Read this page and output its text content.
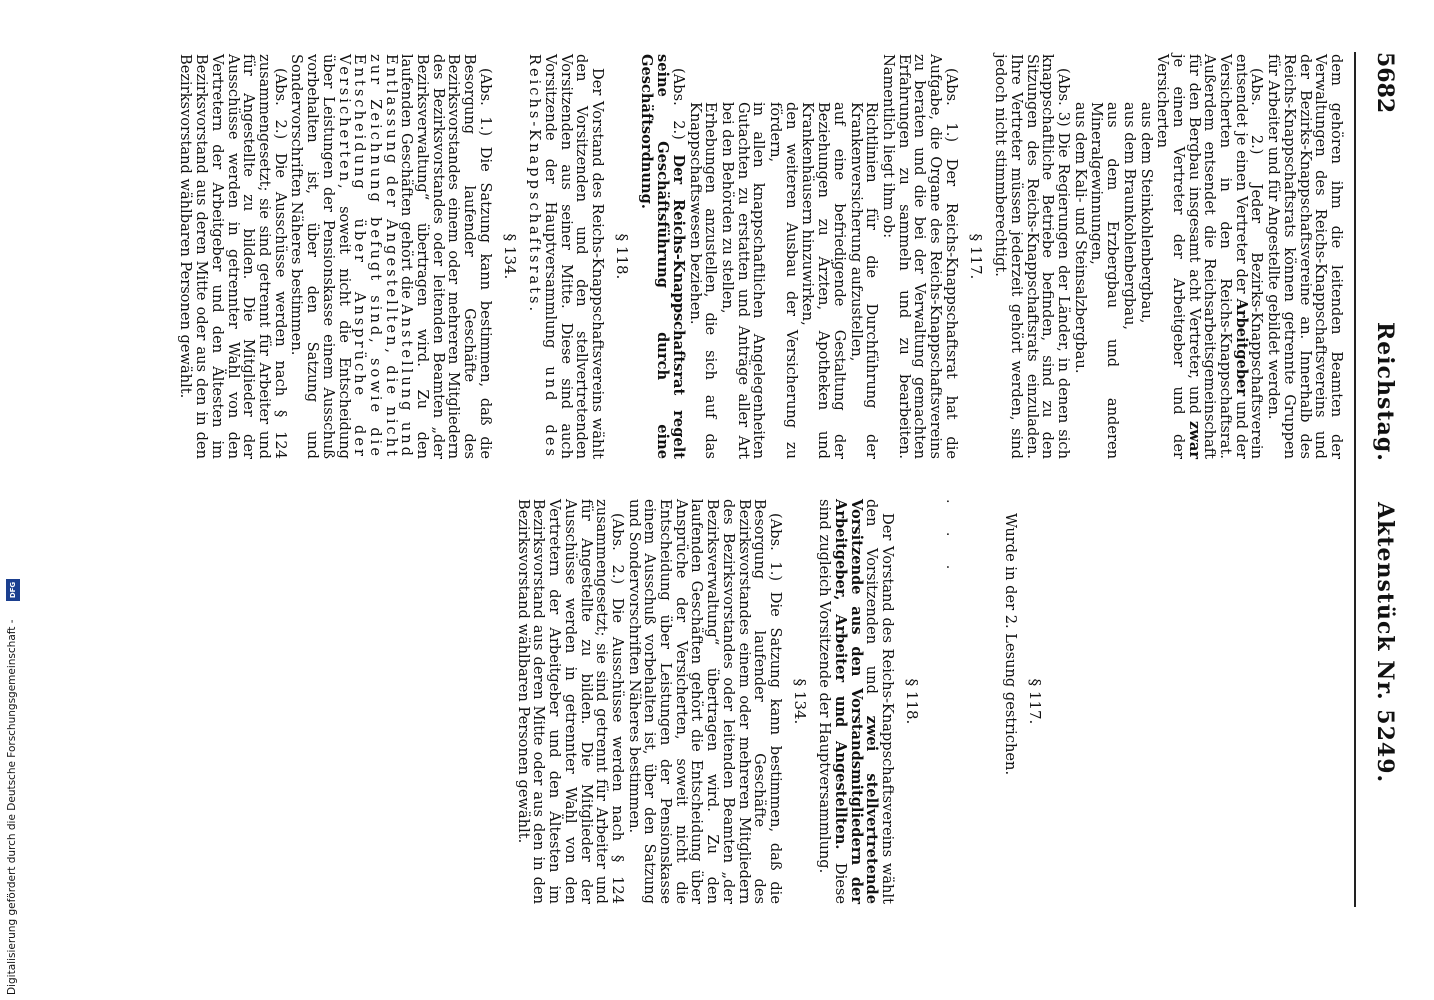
5682
Reichstag.
Aktenstück Nr. 5249.

dem gehören ihm die leitenden Beamten der Verwaltungen des Reichs-Knappschaftsvereins und der Bezirks-Knappschaftsvereine an. Innerhalb des Reichs-Knappschaftsrats können getrennte Gruppen für Arbeiter und für Angestellte gebildet werden.

(Abs. 2.) Jeder Bezirks-Knappschaftsverein entsendet je einen Vertreter der Arbeitgeber und der Versicherten in den Reichs-Knappschaftsrat. Außerdem entsendet die Reichsarbeitsgemeinschaft für den Bergbau insgesamt acht Vertreter, und zwar je einen Vertreter der Arbeitgeber und der Versicherten

aus dem Steinkohlenbergbau,

aus dem Braunkohlenbergbau,

aus dem Erzbergbau und anderen Mineralgewinnungen,

aus dem Kali- und Steinsalzbergbau.

(Abs. 3) Die Regierungen der Länder, in denen sich knappschaftliche Betriebe befinden, sind zu den Sitzungen des Reichs-Knappschaftsrats einzuladen. Ihre Vertreter müssen jederzeit gehört werden, sind jedoch nicht stimmberechtigt.

§ 117.

(Abs. 1.) Der Reichs-Knappschaftsrat hat die Aufgabe, die Organe des Reichs-Knappschaftsvereins zu beraten und die bei der Verwaltung gemachten Erfahrungen zu sammeln und zu bearbeiten. Namentlich liegt ihm ob:

Richtlinien für die Durchführung der Krankenversicherung aufzustellen,

auf eine befriedigende Gestaltung der Beziehungen zu Ärzten, Apotheken und Krankenhäusern hinzuwirken,

den weiteren Ausbau der Versicherung zu fördern,

in allen knappschaftlichen Angelegenheiten Gutachten zu erstatten und Anträge aller Art bei den Behörden zu stellen,

Erhebungen anzustellen, die sich auf das Knappschaftswesen beziehen.

(Abs. 2.) Der Reichs-Knappschaftsrat regelt seine Geschäftsführung durch eine Geschäftsordnung.

§ 118.

Der Vorstand des Reichs-Knappschaftsvereins wählt den Vorsitzenden und den stellvertretenden Vorsitzenden aus seiner Mitte. Diese sind auch Vorsitzende der Hauptversammlung und des Reichs-Knappschaftsrats.

§ 134.

(Abs. 1.) Die Satzung kann bestimmen, daß die Besorgung laufender Geschäfte des Bezirksvorstandes einem oder mehreren Mitgliedern des Bezirksvorstandes oder leitenden Beamten „der Bezirksverwaltung“ übertragen wird. Zu den laufenden Geschäften gehört die Anstellung und Entlassung der Angestellten, die nicht zur Zeichnung befugt sind, sowie die Entscheidung über Ansprüche der Versicherten, soweit nicht die Entscheidung über Leistungen der Pensionskasse einem Ausschuß vorbehalten ist, über den Satzung und Sondervorschriften Näheres bestimmen.

(Abs. 2.) Die Ausschüsse werden nach § 124 zusammengesetzt; sie sind getrennt für Arbeiter und für Angestellte zu bilden. Die Mitglieder der Ausschüsse werden in getrennter Wahl von den Vertretern der Arbeitgeber und den Ältesten im Bezirksvorstand aus deren Mitte oder aus den in den Bezirksvorstand wählbaren Personen gewählt.

§ 117.

Wurde in der 2. Lesung gestrichen.

. . .

§ 118.

Der Vorstand des Reichs-Knappschaftsvereins wählt den Vorsitzenden und zwei stellvertretende Vorsitzende aus den Vorstandsmitgliedern der Arbeitgeber, Arbeiter und Angestellten. Diese sind zugleich Vorsitzende der Hauptversammlung.

§ 134.

(Abs. 1.) Die Satzung kann bestimmen, daß die Besorgung laufender Geschäfte des Bezirksvorstandes einem oder mehreren Mitgliedern des Bezirksvorstandes oder leitenden Beamten „der Bezirksverwaltung“ übertragen wird. Zu den laufenden Geschäften gehört die Entscheidung über Ansprüche der Versicherten, soweit nicht die Entscheidung über Leistungen der Pensionskasse einem Ausschuß vorbehalten ist, über den Satzung und Sondervorschriften Näheres bestimmen.

(Abs. 2.) Die Ausschüsse werden nach § 124 zusammengesetzt; sie sind getrennt für Arbeiter und für Angestellte zu bilden. Die Mitglieder der Ausschüsse werden in getrennter Wahl von den Vertretern der Arbeitgeber und den Ältesten im Bezirksvorstand aus deren Mitte oder aus den in den Bezirksvorstand wählbaren Personen gewählt.

DFG
Digitalisierung gefördert durch die Deutsche Forschungsgemeinschaft -
